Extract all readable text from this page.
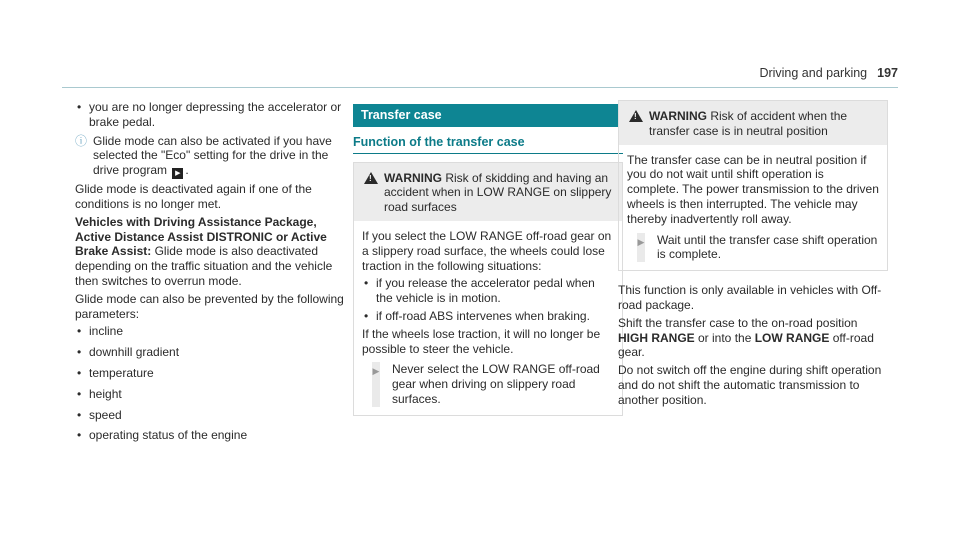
Driving and parking 197
• you are no longer depressing the accelerator or brake pedal.
ⓘ Glide mode can also be activated if you have selected the "Eco" setting for the drive in the drive program ▶ .

Glide mode is deactivated again if one of the conditions is no longer met.

Vehicles with Driving Assistance Package, Active Distance Assist DISTRONIC or Active Brake Assist: Glide mode is also deactivated depending on the traffic situation and the vehicle then switches to overrun mode.

Glide mode can also be prevented by the following parameters:

• incline
• downhill gradient
• temperature
• height
• speed
• operating status of the engine
Transfer case
Function of the transfer case
! WARNING Risk of skidding and having an accident when in LOW RANGE on slippery road surfaces

If you select the LOW RANGE off-road gear on a slippery road surface, the wheels could lose traction in the following situations:

• if you release the accelerator pedal when the vehicle is in motion.
• if off-road ABS intervenes when braking.

If the wheels lose traction, it will no longer be possible to steer the vehicle.

▶ Never select the LOW RANGE off-road gear when driving on slippery road surfaces.
! WARNING Risk of accident when the transfer case is in neutral position

The transfer case can be in neutral position if you do not wait until shift operation is complete. The power transmission to the driven wheels is then interrupted. The vehicle may thereby inadvertently roll away.

▶ Wait until the transfer case shift operation is complete.

This function is only available in vehicles with Off-road package.

Shift the transfer case to the on-road position HIGH RANGE or into the LOW RANGE off-road gear.

Do not switch off the engine during shift operation and do not shift the automatic transmission to another position.
